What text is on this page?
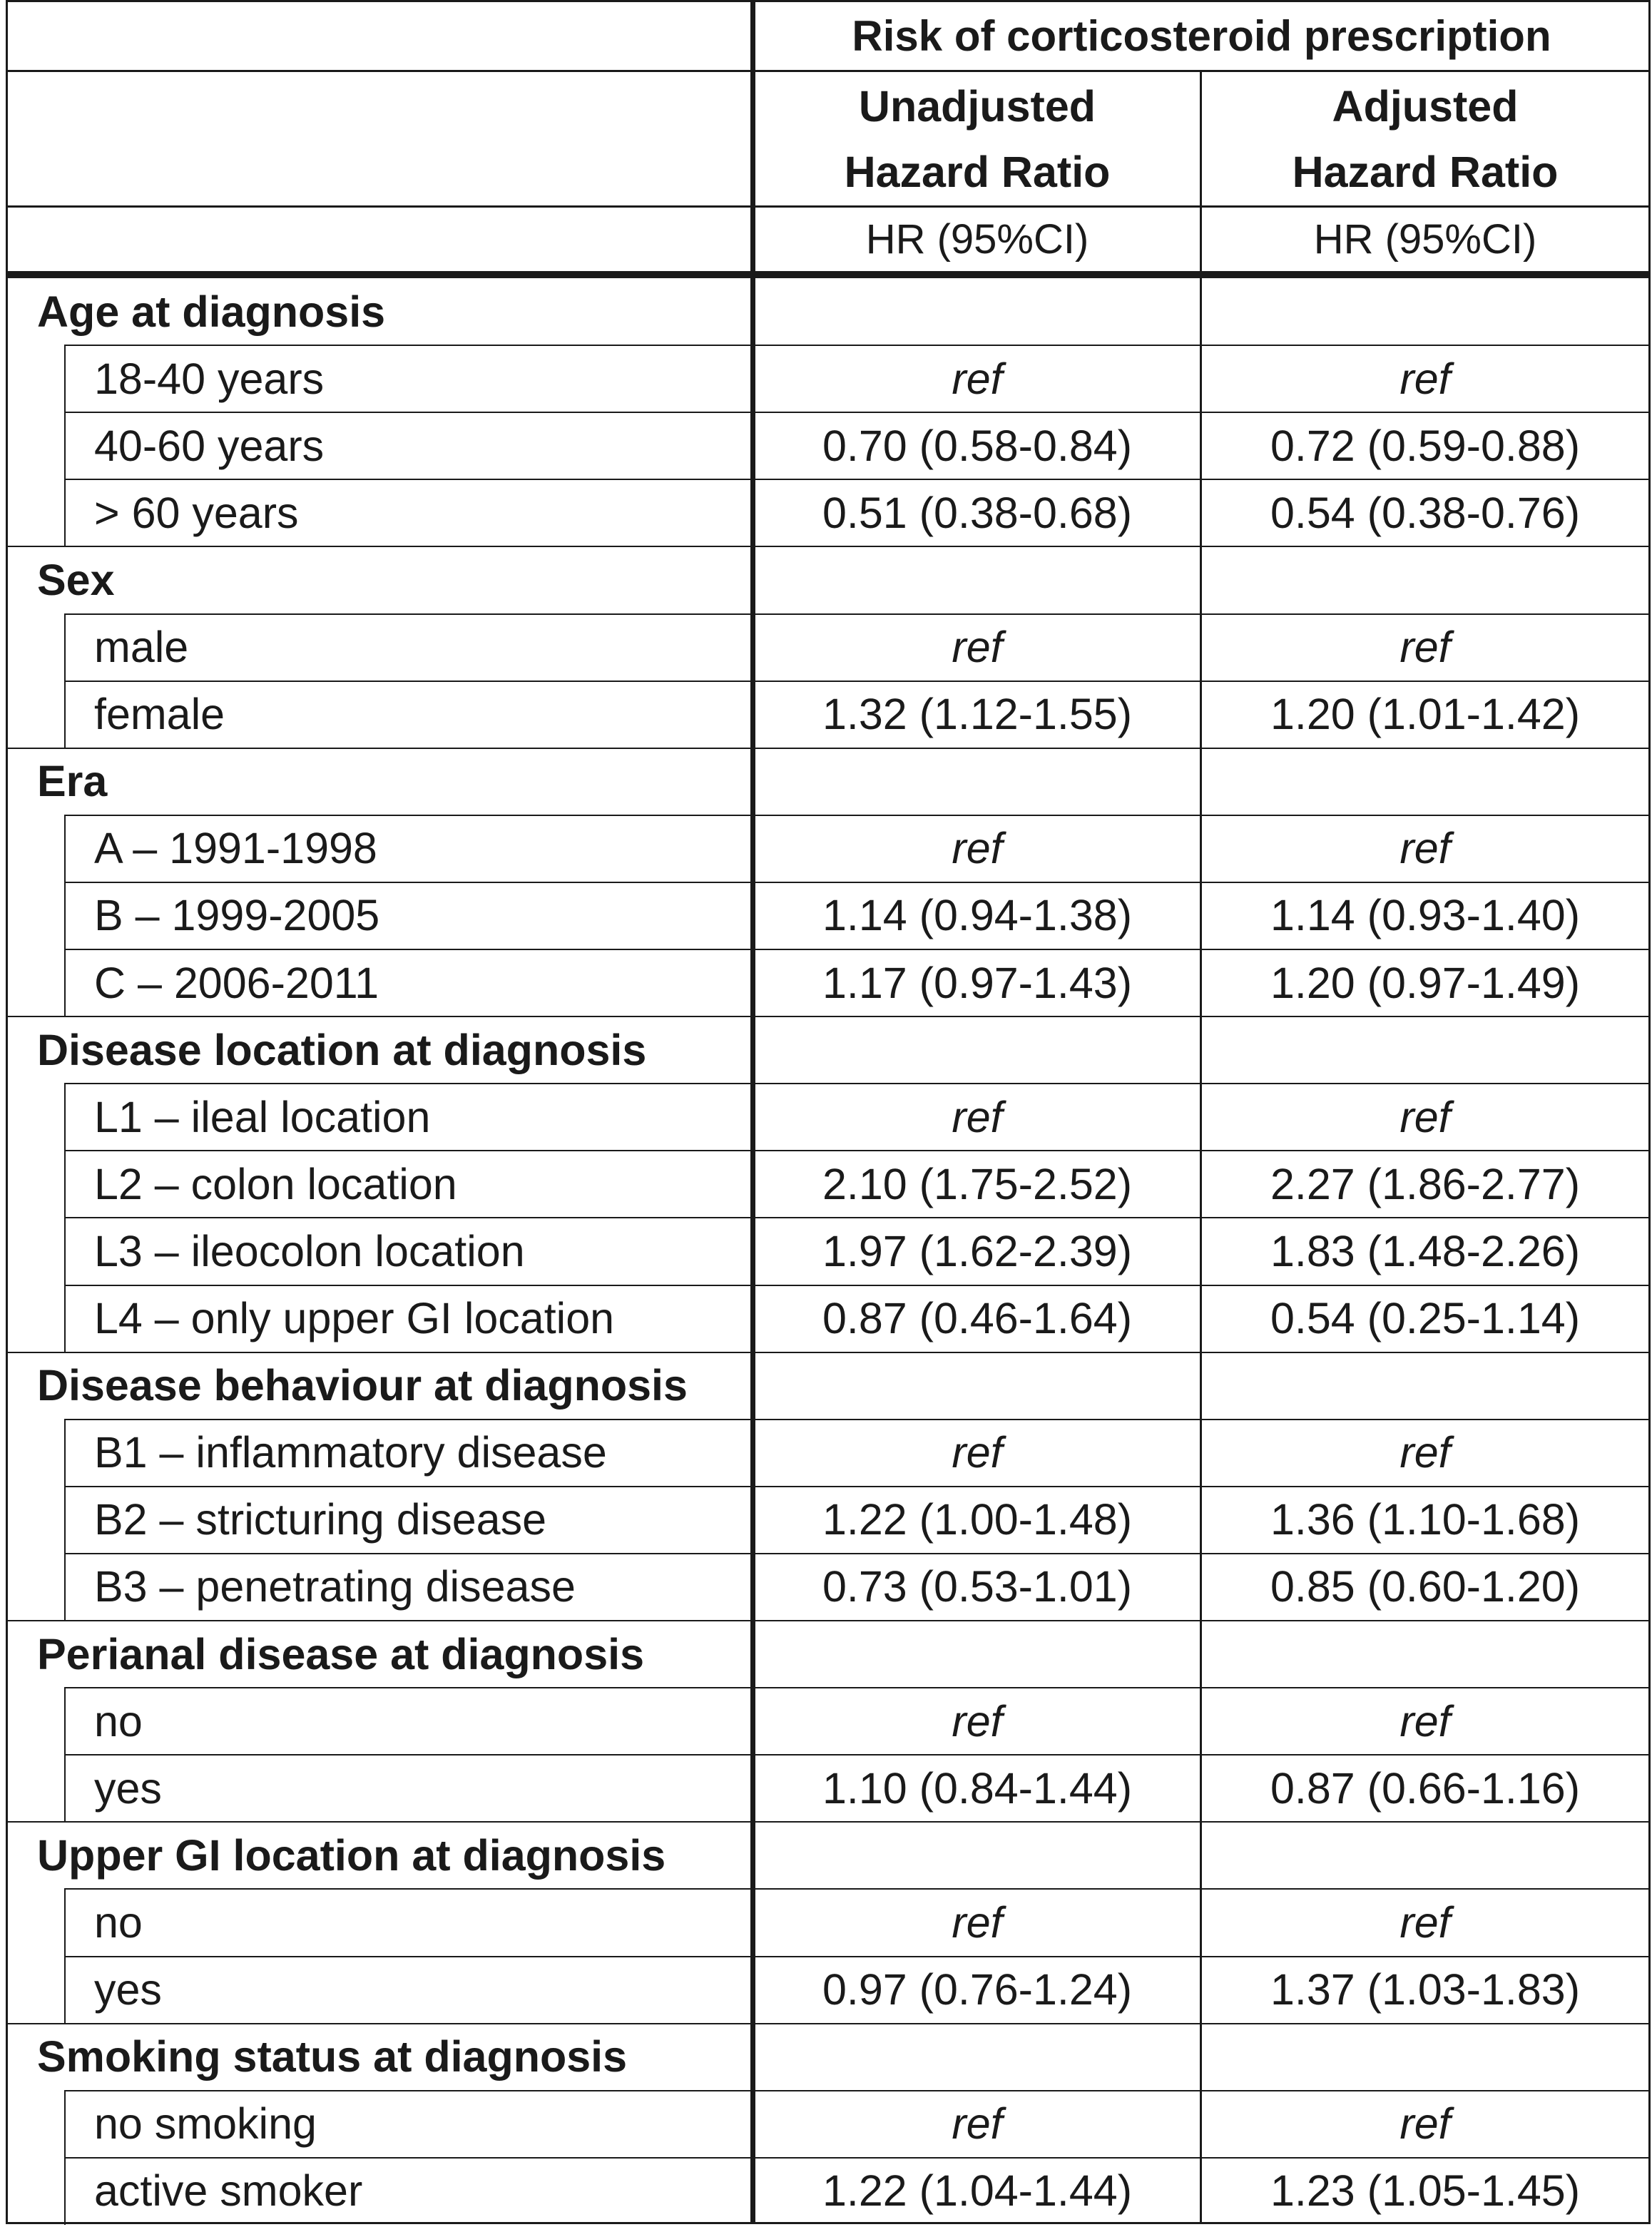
Risk of corticosteroid prescription
Unadjusted
Hazard Ratio
Adjusted
Hazard Ratio
HR (95%CI)	HR (95%CI)
Age at diagnosis
18-40 years	ref	ref
40-60 years	0.70 (0.58-0.84)	0.72 (0.59-0.88)
> 60 years	0.51 (0.38-0.68)	0.54 (0.38-0.76)
Sex
male	ref	ref
female	1.32 (1.12-1.55)	1.20 (1.01-1.42)
Era
A – 1991-1998	ref	ref
B – 1999-2005	1.14 (0.94-1.38)	1.14 (0.93-1.40)
C – 2006-2011	1.17 (0.97-1.43)	1.20 (0.97-1.49)
Disease location at diagnosis
L1 – ileal location	ref	ref
L2 – colon location	2.10 (1.75-2.52)	2.27 (1.86-2.77)
L3 – ileocolon location	1.97 (1.62-2.39)	1.83 (1.48-2.26)
L4 – only upper GI location	0.87 (0.46-1.64)	0.54 (0.25-1.14)
Disease behaviour at diagnosis
B1 – inflammatory disease	ref	ref
B2 – stricturing disease	1.22 (1.00-1.48)	1.36 (1.10-1.68)
B3 – penetrating disease	0.73 (0.53-1.01)	0.85 (0.60-1.20)
Perianal disease at diagnosis
no	ref	ref
yes	1.10 (0.84-1.44)	0.87 (0.66-1.16)
Upper GI location at diagnosis
no	ref	ref
yes	0.97 (0.76-1.24)	1.37 (1.03-1.83)
Smoking status at diagnosis
no smoking	ref	ref
active smoker	1.22 (1.04-1.44)	1.23 (1.05-1.45)
